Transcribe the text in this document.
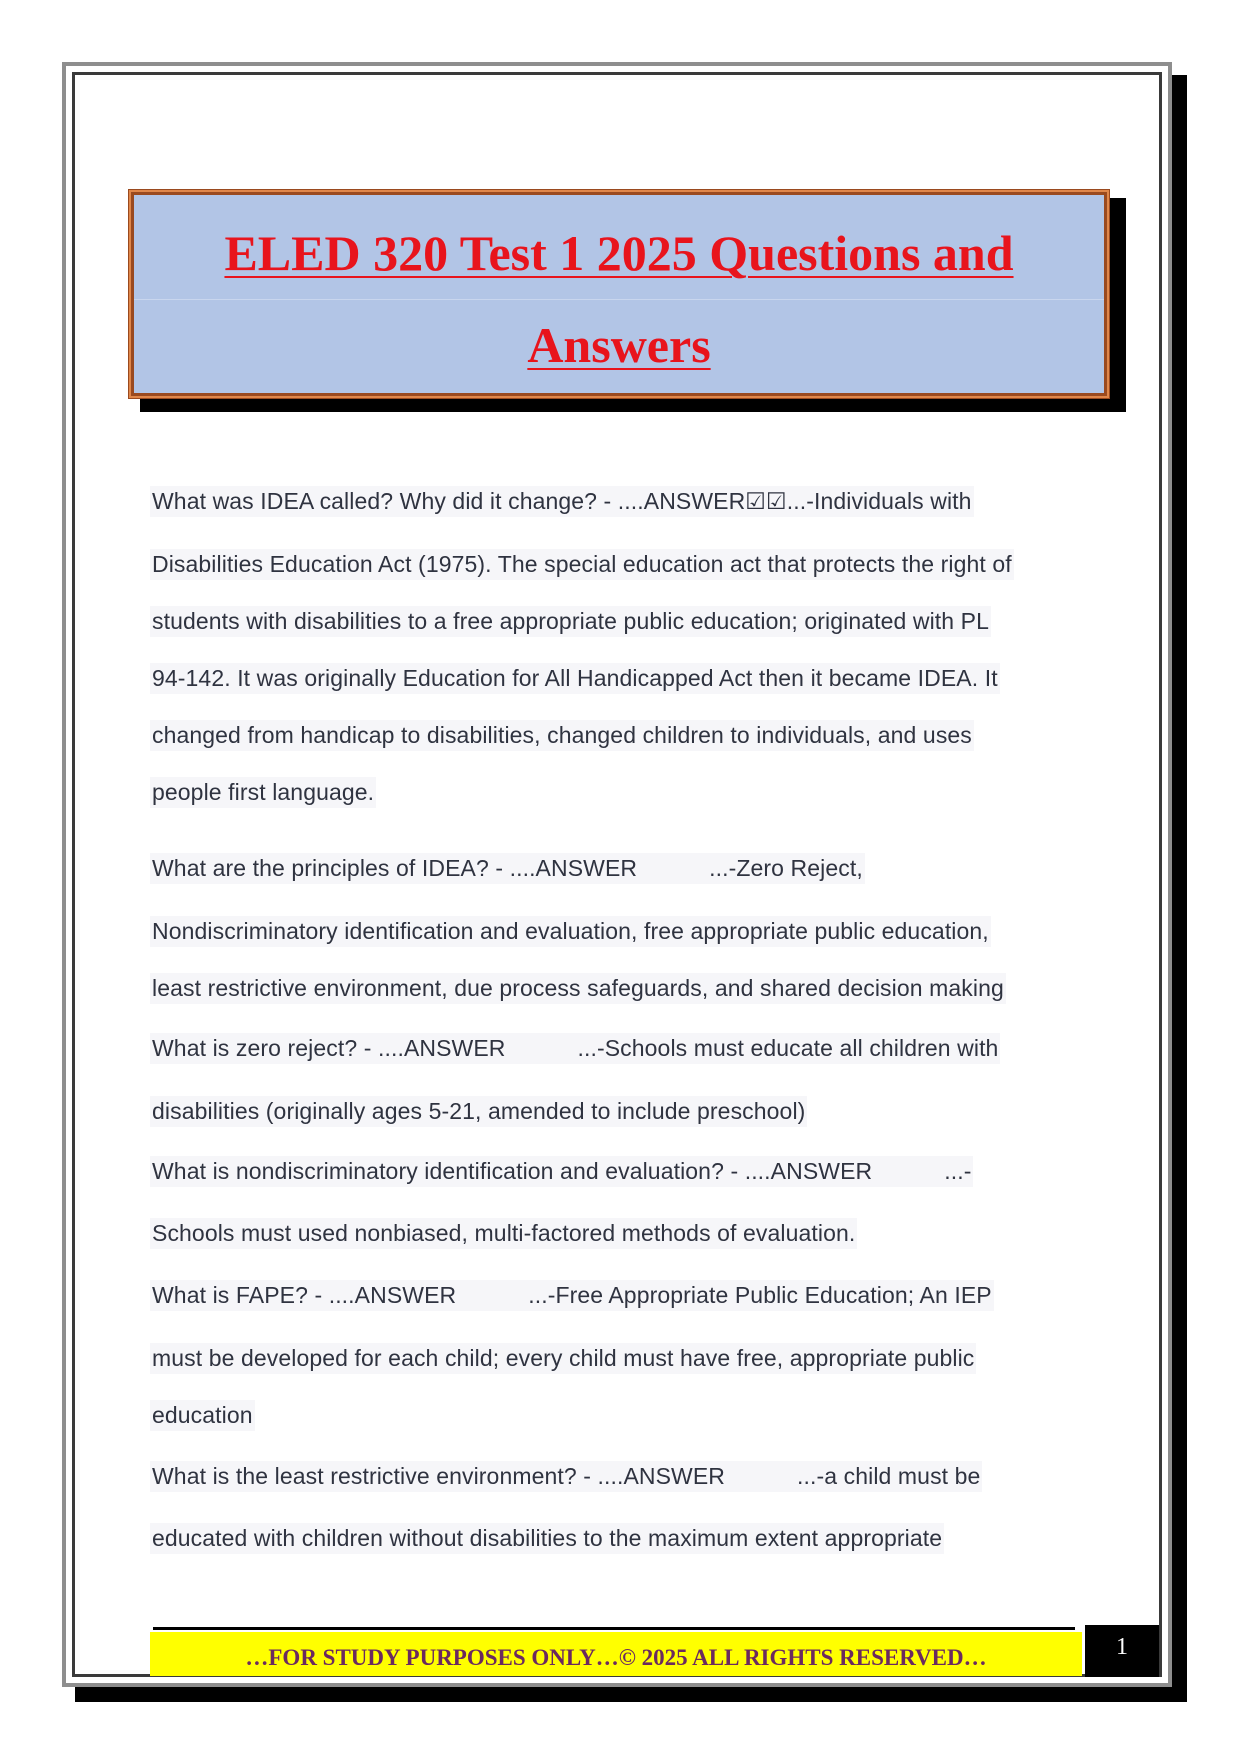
ELED 320 Test 1 2025 Questions and
Answers
What was IDEA called? Why did it change? - ....ANSWER☑☑...-Individuals with
Disabilities Education Act (1975). The special education act that protects the right of
students with disabilities to a free appropriate public education; originated with PL
94-142. It was originally Education for All Handicapped Act then it became IDEA. It
changed from handicap to disabilities, changed children to individuals, and uses
people first language.
What are the principles of IDEA? - ....ANSWER	...-Zero Reject,
Nondiscriminatory identification and evaluation, free appropriate public education,
least restrictive environment, due process safeguards, and shared decision making
What is zero reject? - ....ANSWER	...-Schools must educate all children with
disabilities (originally ages 5-21, amended to include preschool)
What is nondiscriminatory identification and evaluation? - ....ANSWER	...-
Schools must used nonbiased, multi-factored methods of evaluation.
What is FAPE? - ....ANSWER	...-Free Appropriate Public Education; An IEP
must be developed for each child; every child must have free, appropriate public
education
What is the least restrictive environment? - ....ANSWER	...-a child must be
educated with children without disabilities to the maximum extent appropriate
…FOR STUDY PURPOSES ONLY…© 2025 ALL RIGHTS RESERVED…	1
